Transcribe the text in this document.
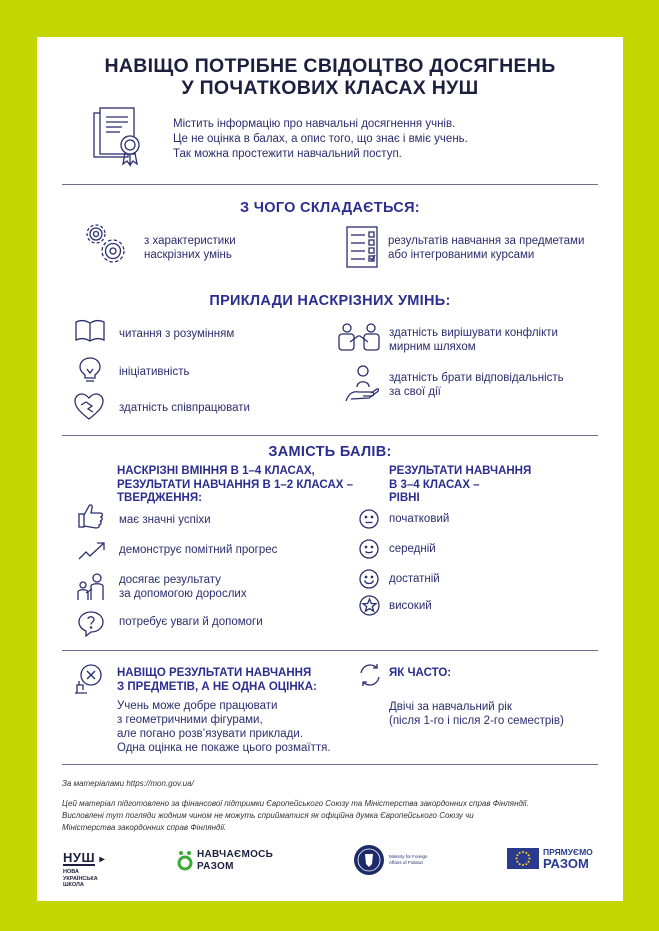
НАВІЩО ПОТРІБНЕ СВІДОЦТВО ДОСЯГНЕНЬ
У ПОЧАТКОВИХ КЛАСАХ НУШ
Містить інформацію про навчальні досягнення учнів.
Це не оцінка в балах, а опис того, що знає і вміє учень.
Так можна простежити навчальний поступ.
З ЧОГО СКЛАДАЄТЬСЯ:
з характеристики
наскрізних умінь
результатів навчання за предметами
або інтегрованими курсами
ПРИКЛАДИ НАСКРІЗНИХ УМІНЬ:
читання з розумінням
ініціативність
здатність співпрацювати
здатність вирішувати конфлікти
мирним шляхом
здатність брати відповідальність
за свої дії
ЗАМІСТЬ БАЛІВ:
НАСКРІЗНІ ВМІННЯ В 1–4 КЛАСАХ,
РЕЗУЛЬТАТИ НАВЧАННЯ В 1–2 КЛАСАХ –
ТВЕРДЖЕННЯ:
має значні успіхи
демонструє помітний прогрес
досягає результату
за допомогою дорослих
потребує уваги й допомоги
РЕЗУЛЬТАТИ НАВЧАННЯ
В 3–4 КЛАСАХ –
РІВНІ
початковий
середній
достатній
високий
НАВІЩО РЕЗУЛЬТАТИ НАВЧАННЯ
З ПРЕДМЕТІВ, А НЕ ОДНА ОЦІНКА:
Учень може добре працювати
з геометричними фігурами,
але погано розв’язувати приклади.
Одна оцінка не покаже цього розмаїття.
ЯК ЧАСТО:
Двічі за навчальний рік
(після 1-го і після 2-го семестрів)
За матеріалами https://mon.gov.ua/
Цей матеріал підготовлено за фінансової підтримки Європейського Союзу та Міністерства закордонних справ Фінляндії.
Висловлені тут погляди жодним чином не можуть сприйматися як офіційна думка Європейського Союзу чи
Міністерства закордонних справ Фінляндії.
НУШ ▸
НОВА
УКРАЇНСЬКА
ШКОЛА
НАВЧАЄМОСЬ
РАЗОМ
Ministry for Foreign
Affairs of Finland
ПРЯМУЄМО
РАЗОМ
